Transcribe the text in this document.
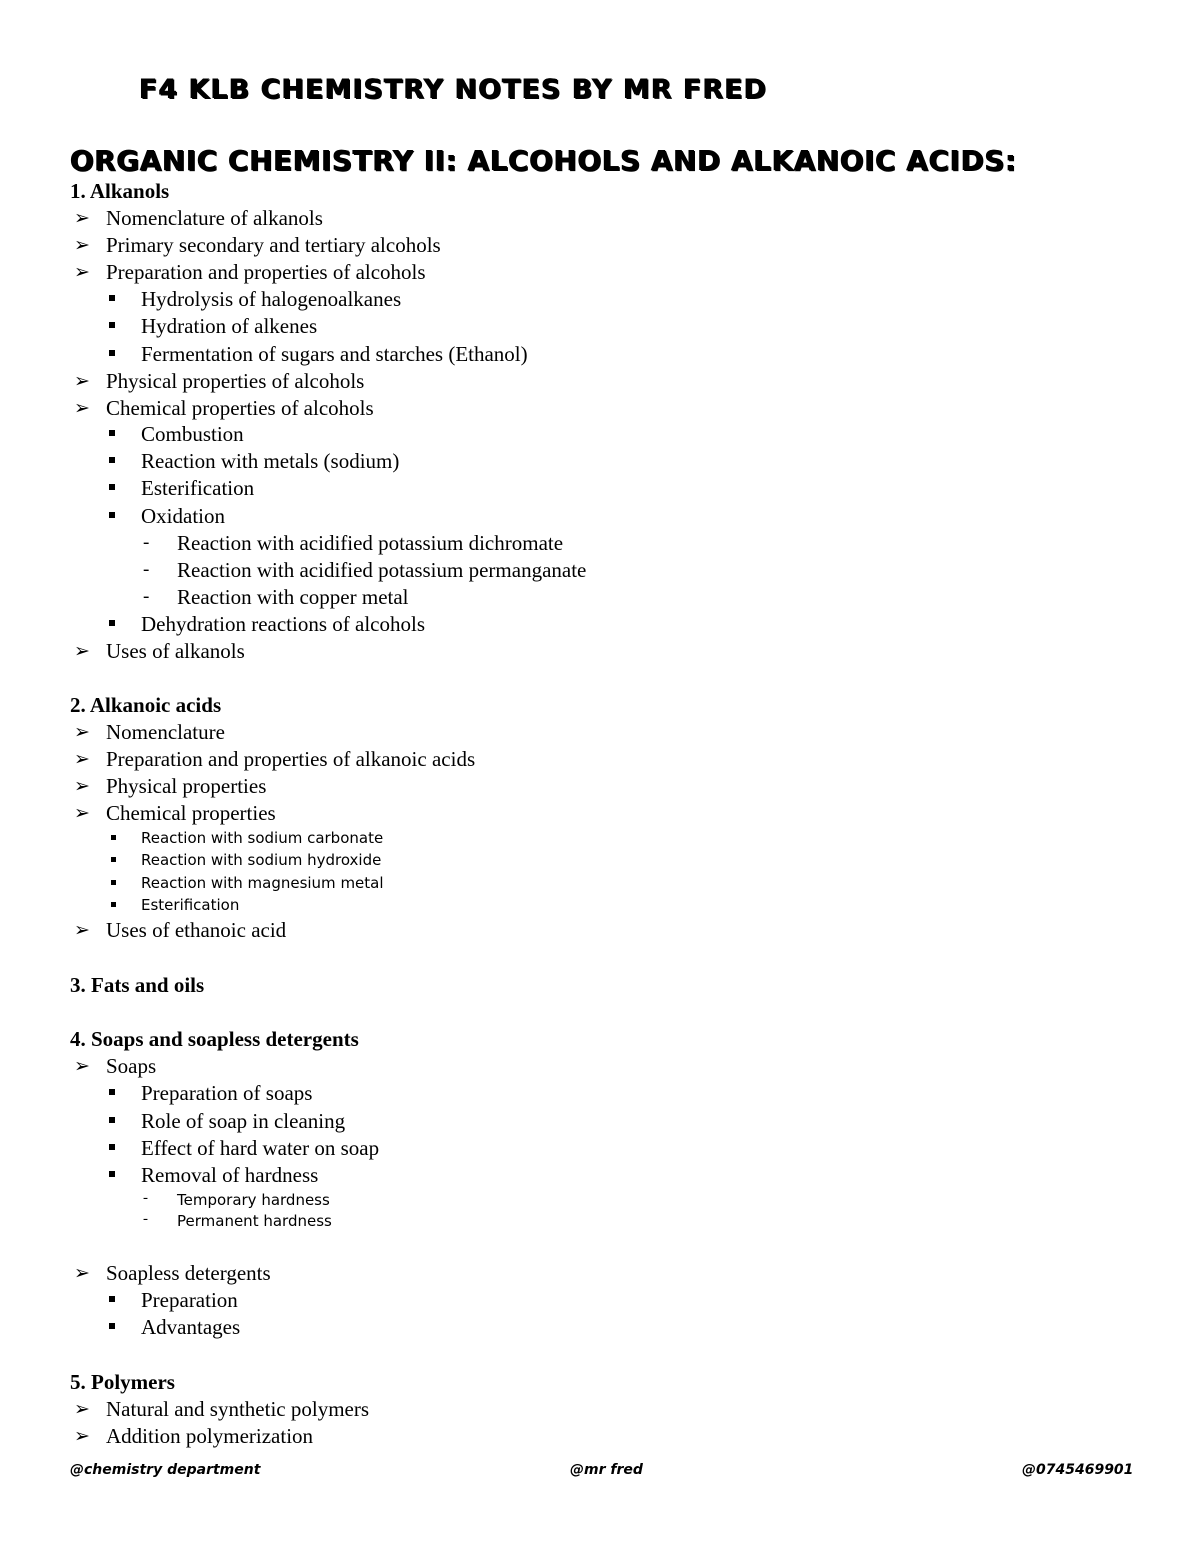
F4 KLB CHEMISTRY NOTES BY MR FRED
ORGANIC CHEMISTRY II: ALCOHOLS AND ALKANOIC ACIDS:
1. Alkanols
➢ Nomenclature of alkanols
➢ Primary secondary and tertiary alcohols
➢ Preparation and properties of alcohols
Hydrolysis of halogenoalkanes
Hydration of alkenes
Fermentation of sugars and starches (Ethanol)
➢ Physical properties of alcohols
➢ Chemical properties of alcohols
Combustion
Reaction with metals (sodium)
Esterification
Oxidation
- Reaction with acidified potassium dichromate
- Reaction with acidified potassium permanganate
- Reaction with copper metal
Dehydration reactions of alcohols
➢ Uses of alkanols
2. Alkanoic acids
➢ Nomenclature
➢ Preparation and properties of alkanoic acids
➢ Physical properties
➢ Chemical properties
Reaction with sodium carbonate
Reaction with sodium hydroxide
Reaction with magnesium metal
Esterification
➢ Uses of ethanoic acid
3. Fats and oils
4. Soaps and soapless detergents
➢ Soaps
Preparation of soaps
Role of soap in cleaning
Effect of hard water on soap
Removal of hardness
- Temporary hardness
- Permanent hardness
➢ Soapless detergents
Preparation
Advantages
5. Polymers
➢ Natural and synthetic polymers
➢ Addition polymerization
@chemistry department	@mr fred	@0745469901
